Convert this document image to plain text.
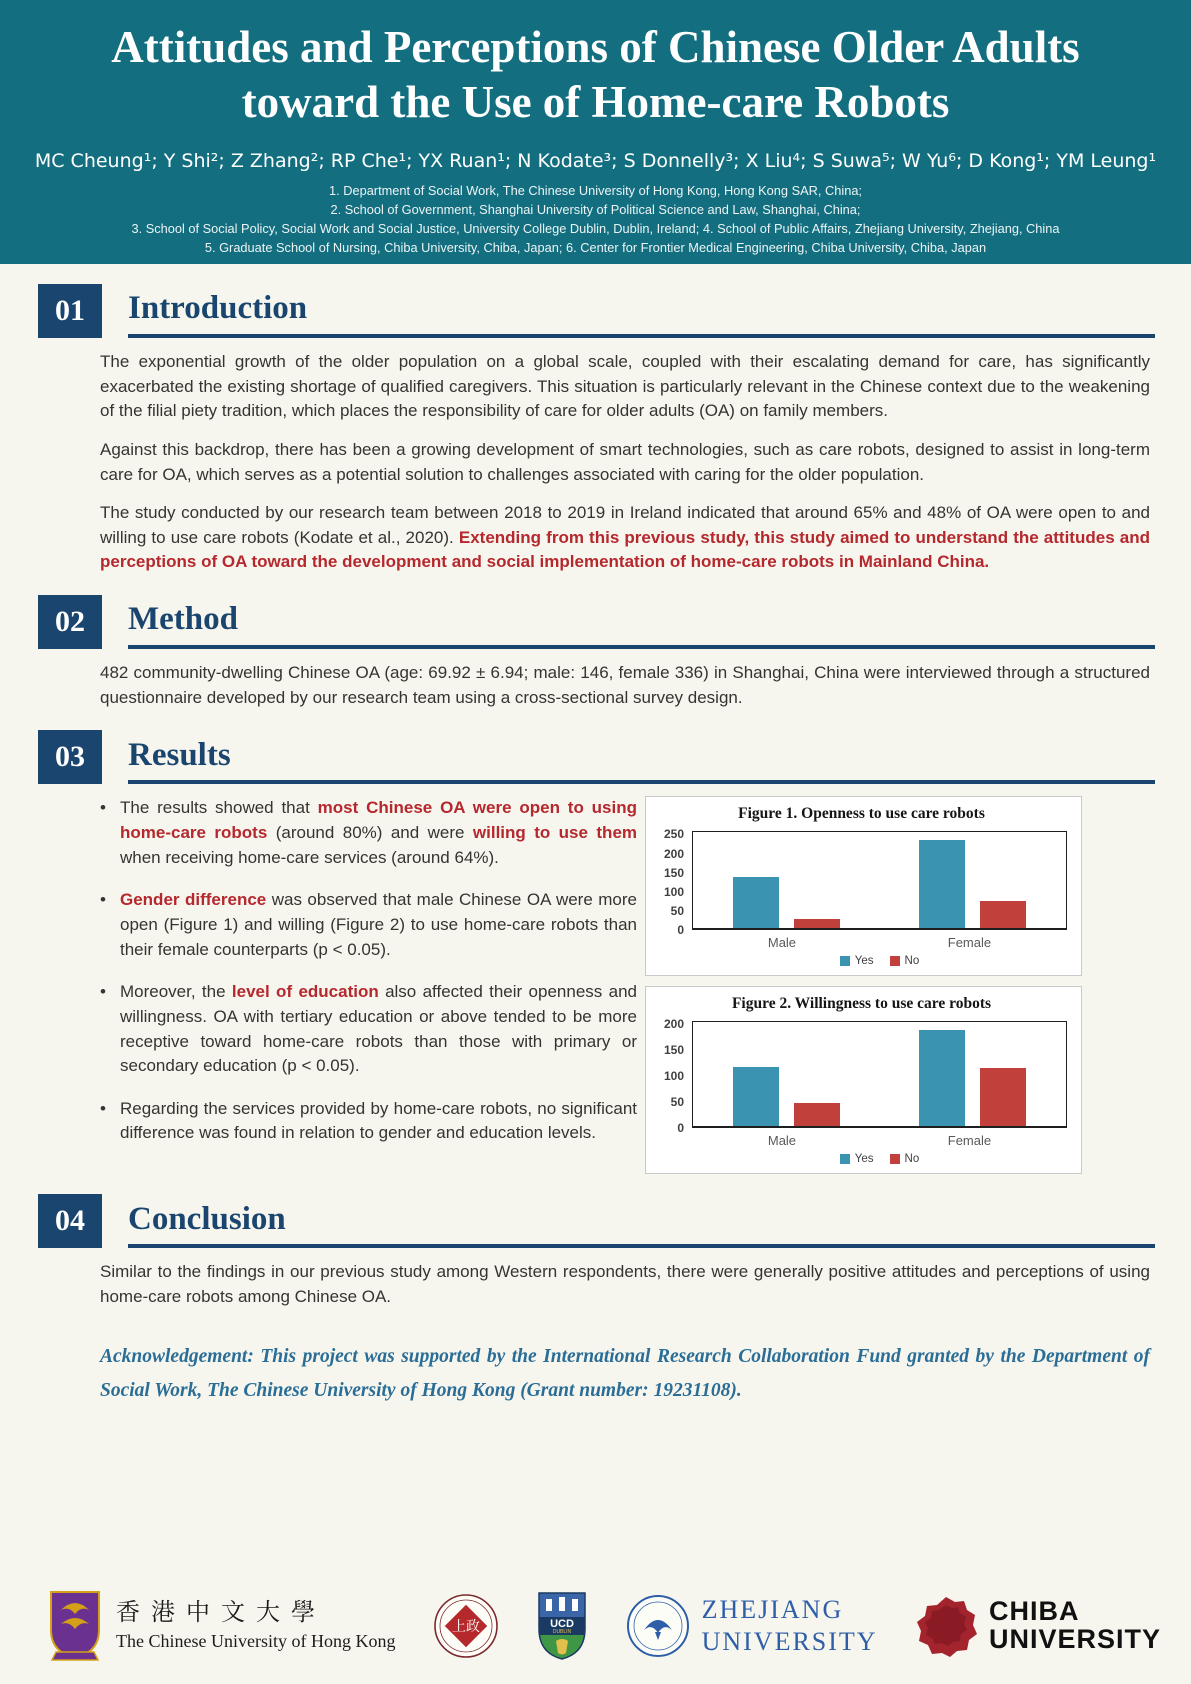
Attitudes and Perceptions of Chinese Older Adults
toward the Use of Home-care Robots
MC Cheung¹; Y Shi²; Z Zhang²; RP Che¹; YX Ruan¹; N Kodate³; S Donnelly³; X Liu⁴; S Suwa⁵; W Yu⁶; D Kong¹; YM Leung¹
1. Department of Social Work, The Chinese University of Hong Kong, Hong Kong SAR, China;
2. School of Government, Shanghai University of Political Science and Law, Shanghai, China;
3. School of Social Policy, Social Work and Social Justice, University College Dublin, Dublin, Ireland; 4. School of Public Affairs, Zhejiang University, Zhejiang, China
5. Graduate School of Nursing, Chiba University, Chiba, Japan; 6. Center for Frontier Medical Engineering, Chiba University, Chiba, Japan
01	Introduction

The exponential growth of the older population on a global scale, coupled with their escalating demand for care, has significantly exacerbated the existing shortage of qualified caregivers. This situation is particularly relevant in the Chinese context due to the weakening of the filial piety tradition, which places the responsibility of care for older adults (OA) on family members.

Against this backdrop, there has been a growing development of smart technologies, such as care robots, designed to assist in long-term care for OA, which serves as a potential solution to challenges associated with caring for the older population.

The study conducted by our research team between 2018 to 2019 in Ireland indicated that around 65% and 48% of OA were open to and willing to use care robots (Kodate et al., 2020). Extending from this previous study, this study aimed to understand the attitudes and perceptions of OA toward the development and social implementation of home-care robots in Mainland China.

02	Method

482 community-dwelling Chinese OA (age: 69.92 ± 6.94; male: 146, female 336) in Shanghai, China were interviewed through a structured questionnaire developed by our research team using a cross-sectional survey design.

03	Results
• The results showed that most Chinese OA were open to using home-care robots (around 80%) and were willing to use them when receiving home-care services (around 64%).
• Gender difference was observed that male Chinese OA were more open (Figure 1) and willing (Figure 2) to use home-care robots than their female counterparts (p < 0.05).
• Moreover, the level of education also affected their openness and willingness. OA with tertiary education or above tended to be more receptive toward home-care robots than those with primary or secondary education (p < 0.05).
• Regarding the services provided by home-care robots, no significant difference was found in relation to gender and education levels.
Figure 1. Openness to use care robots
0
50
100
150
200
250
Male	Female
Yes	No
Figure 2. Willingness to use care robots
0
50
100
150
200
Male	Female
Yes	No
04	Conclusion

Similar to the findings in our previous study among Western respondents, there were generally positive attitudes and perceptions of using home-care robots among Chinese OA.

Acknowledgement: This project was supported by the International Research Collaboration Fund granted by the Department of Social Work, The Chinese University of Hong Kong (Grant number: 19231108).
香港中文大學
The Chinese University of Hong Kong
上政	UCD
DUBLIN
ZHEJIANG
UNIVERSITY
CHIBA
UNIVERSITY
